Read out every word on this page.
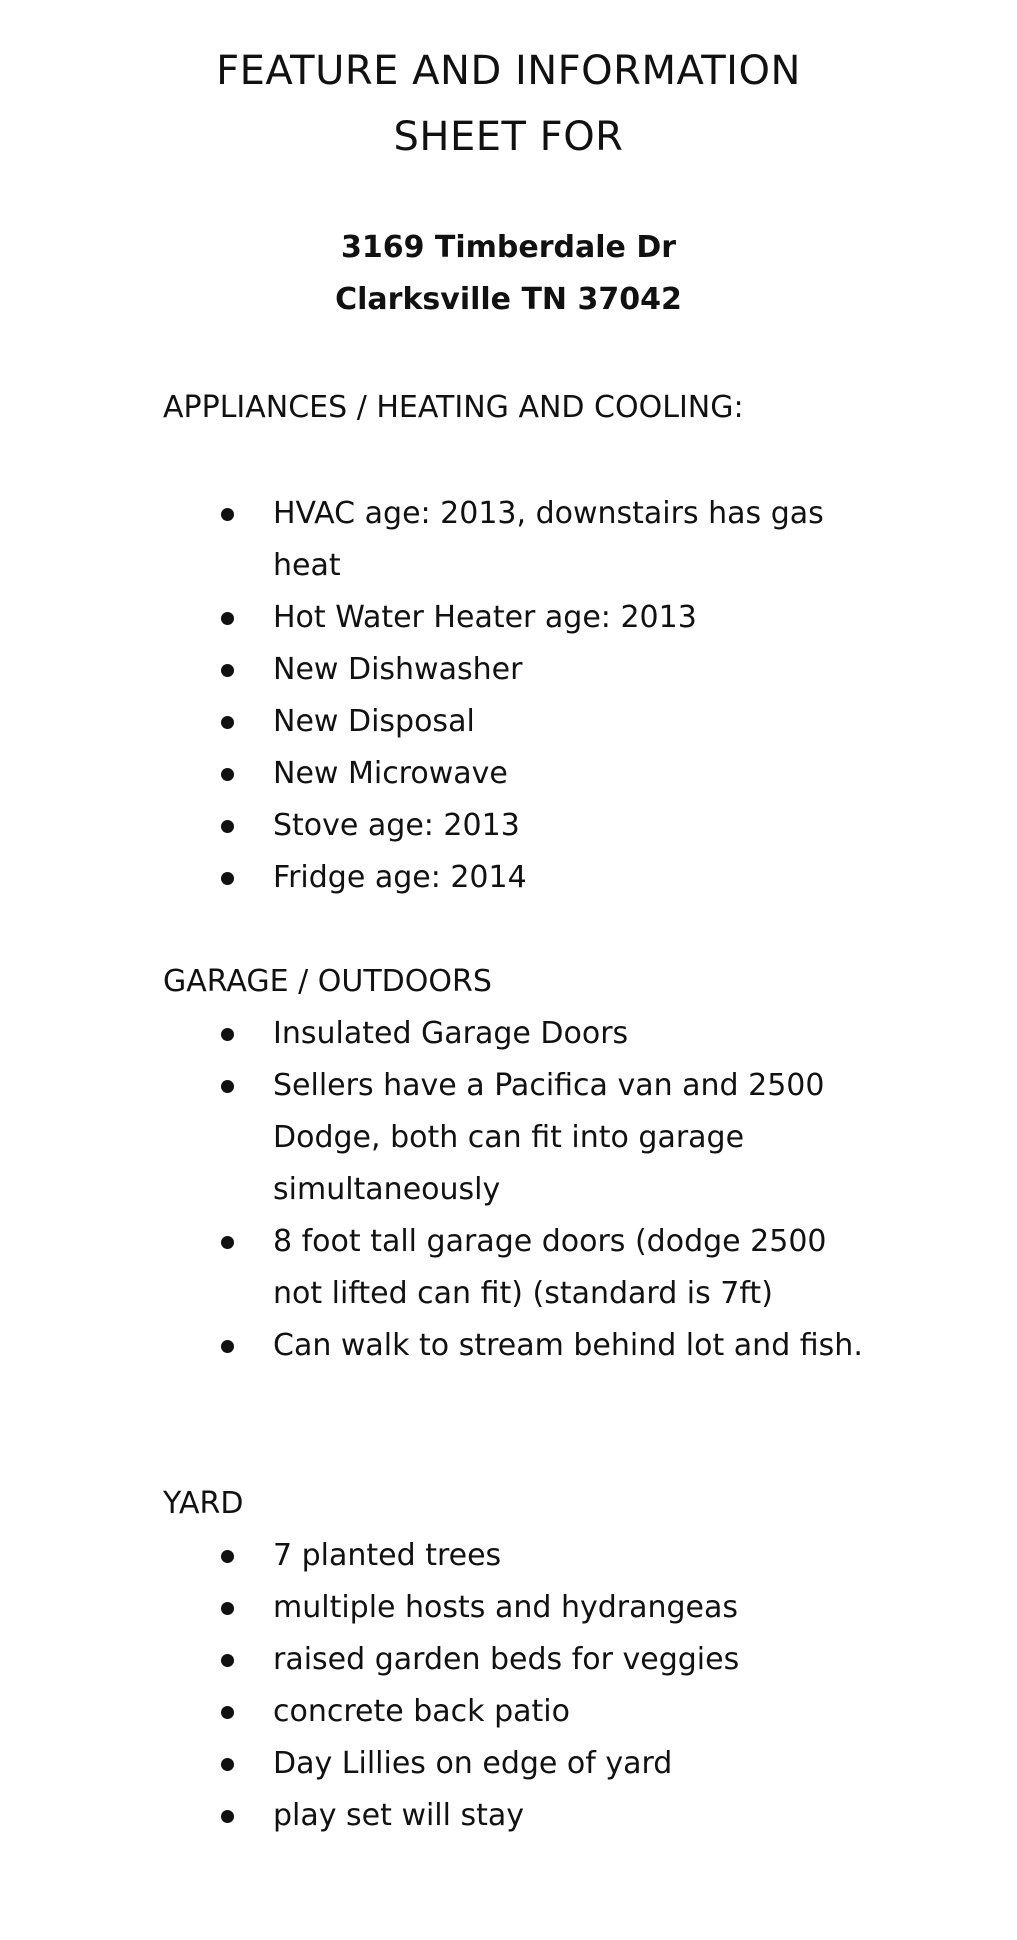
FEATURE AND INFORMATION
SHEET FOR
3169 Timberdale Dr
Clarksville TN 37042
APPLIANCES / HEATING AND COOLING:
HVAC age: 2013, downstairs has gas heat
Hot Water Heater age: 2013
New Dishwasher
New Disposal
New Microwave
Stove age: 2013
Fridge age: 2014
GARAGE / OUTDOORS
Insulated Garage Doors
Sellers have a Pacifica van and 2500 Dodge, both can fit into garage simultaneously
8 foot tall garage doors (dodge 2500 not lifted can fit) (standard is 7ft)
Can walk to stream behind lot and fish.
YARD
7 planted trees
multiple hosts and hydrangeas
raised garden beds for veggies
concrete back patio
Day Lillies on edge of yard
play set will stay
